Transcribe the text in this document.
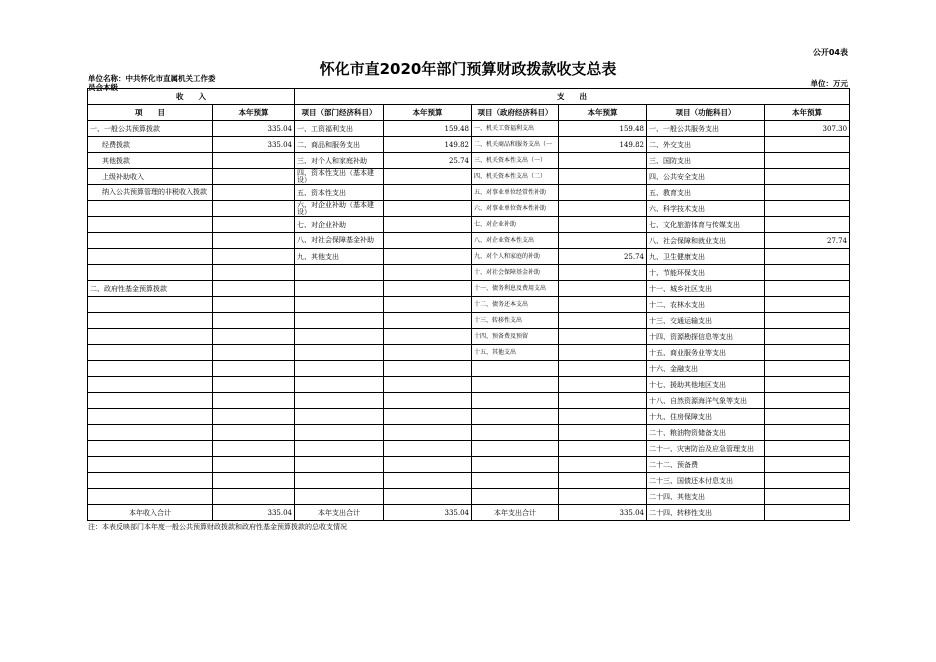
公开04表
怀化市直2020年部门预算财政拨款收支总表
单位名称：中共怀化市直属机关工作委员会本级	单位：万元
收　　入		支　　出					
项　　目	本年预算	项目（部门经济科目）	本年预算	项目（政府经济科目）	本年预算	项目（功能科目）	本年预算
一、一般公共预算拨款	335.04	一、工资福利支出	159.48	一、机关工资福利支出	159.48	一、一般公共服务支出	307.30
经费拨款	335.04	二、商品和服务支出	149.82	二、机关商品和服务支出（一	149.82	二、外交支出	
其他拨款		三、对个人和家庭补助	25.74	三、机关资本性支出（一）		三、国防支出	
上级补助收入		四、资本性支出（基本建设）		四、机关资本性支出（二）		四、公共安全支出	
纳入公共预算管理的非税收入拨款		五、资本性支出		五、对事业单位经常性补助		五、教育支出	
		六、对企业补助（基本建设）		六、对事业单位资本性补助		六、科学技术支出	
		七、对企业补助		七、对企业补助		七、文化旅游体育与传媒支出	
		八、对社会保障基金补助		八、对企业资本性支出		八、社会保障和就业支出	27.74
		九、其他支出		九、对个人和家庭的补助	25.74	九、卫生健康支出	
				十、对社会保障基金补助		十、节能环保支出	
二、政府性基金预算拨款				十一、债务利息及费用支出		十一、城乡社区支出	
				十二、债务还本支出		十二、农林水支出	
				十三、转移性支出		十三、交通运输支出	
				十四、预备费及预留		十四、资源勘探信息等支出	
				十五、其他支出		十五、商业服务业等支出	
						十六、金融支出	
						十七、援助其他地区支出	
						十八、自然资源海洋气象等支出	
						十九、住房保障支出	
						二十、粮油物资储备支出	
						二十一、灾害防治及应急管理支出	
						二十二、预备费	
						二十三、国债还本付息支出	
						二十四、其他支出	
本年收入合计	335.04	本年支出合计	335.04	本年支出合计	335.04	二十四、转移性支出	
注：本表反映部门本年度一般公共预算财政拨款和政府性基金预算拨款的总收支情况
